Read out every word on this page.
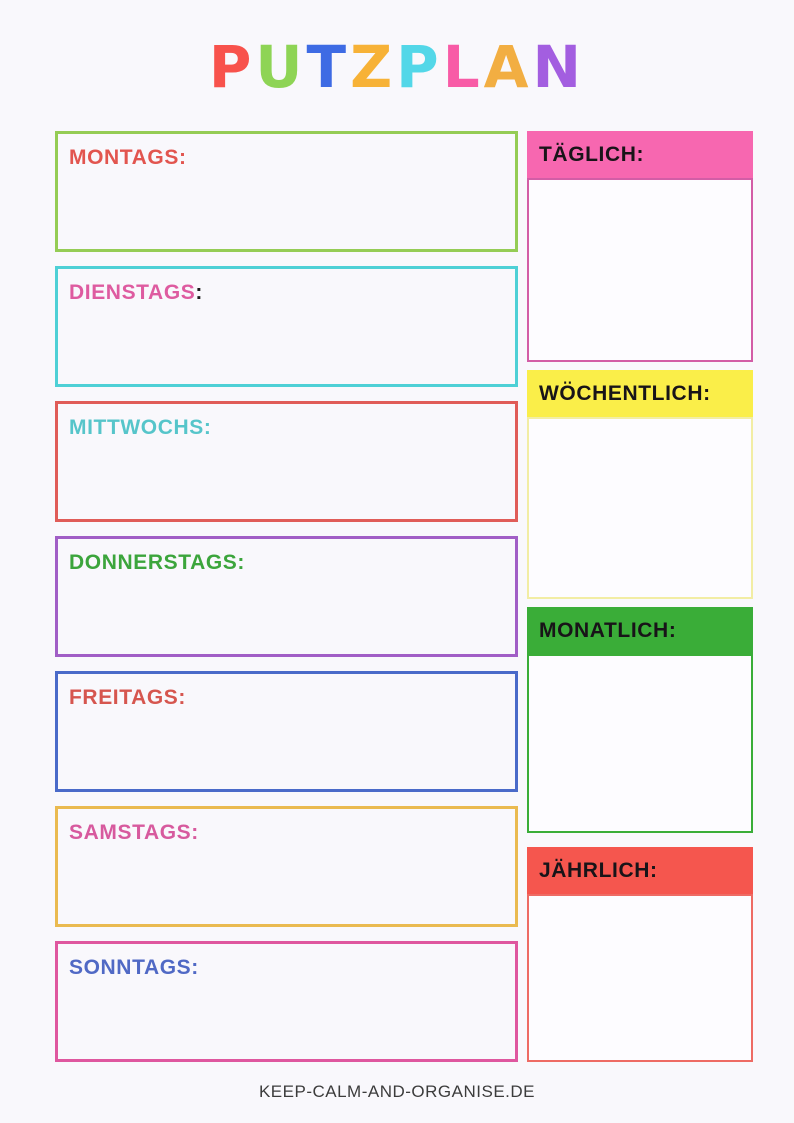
PUTZPLAN
MONTAGS:
DIENSTAGS:
MITTWOCHS:
DONNERSTAGS:
FREITAGS:
SAMSTAGS:
SONNTAGS:
TÄGLICH:
WÖCHENTLICH:
MONATLICH:
JÄHRLICH:
KEEP-CALM-AND-ORGANISE.DE
